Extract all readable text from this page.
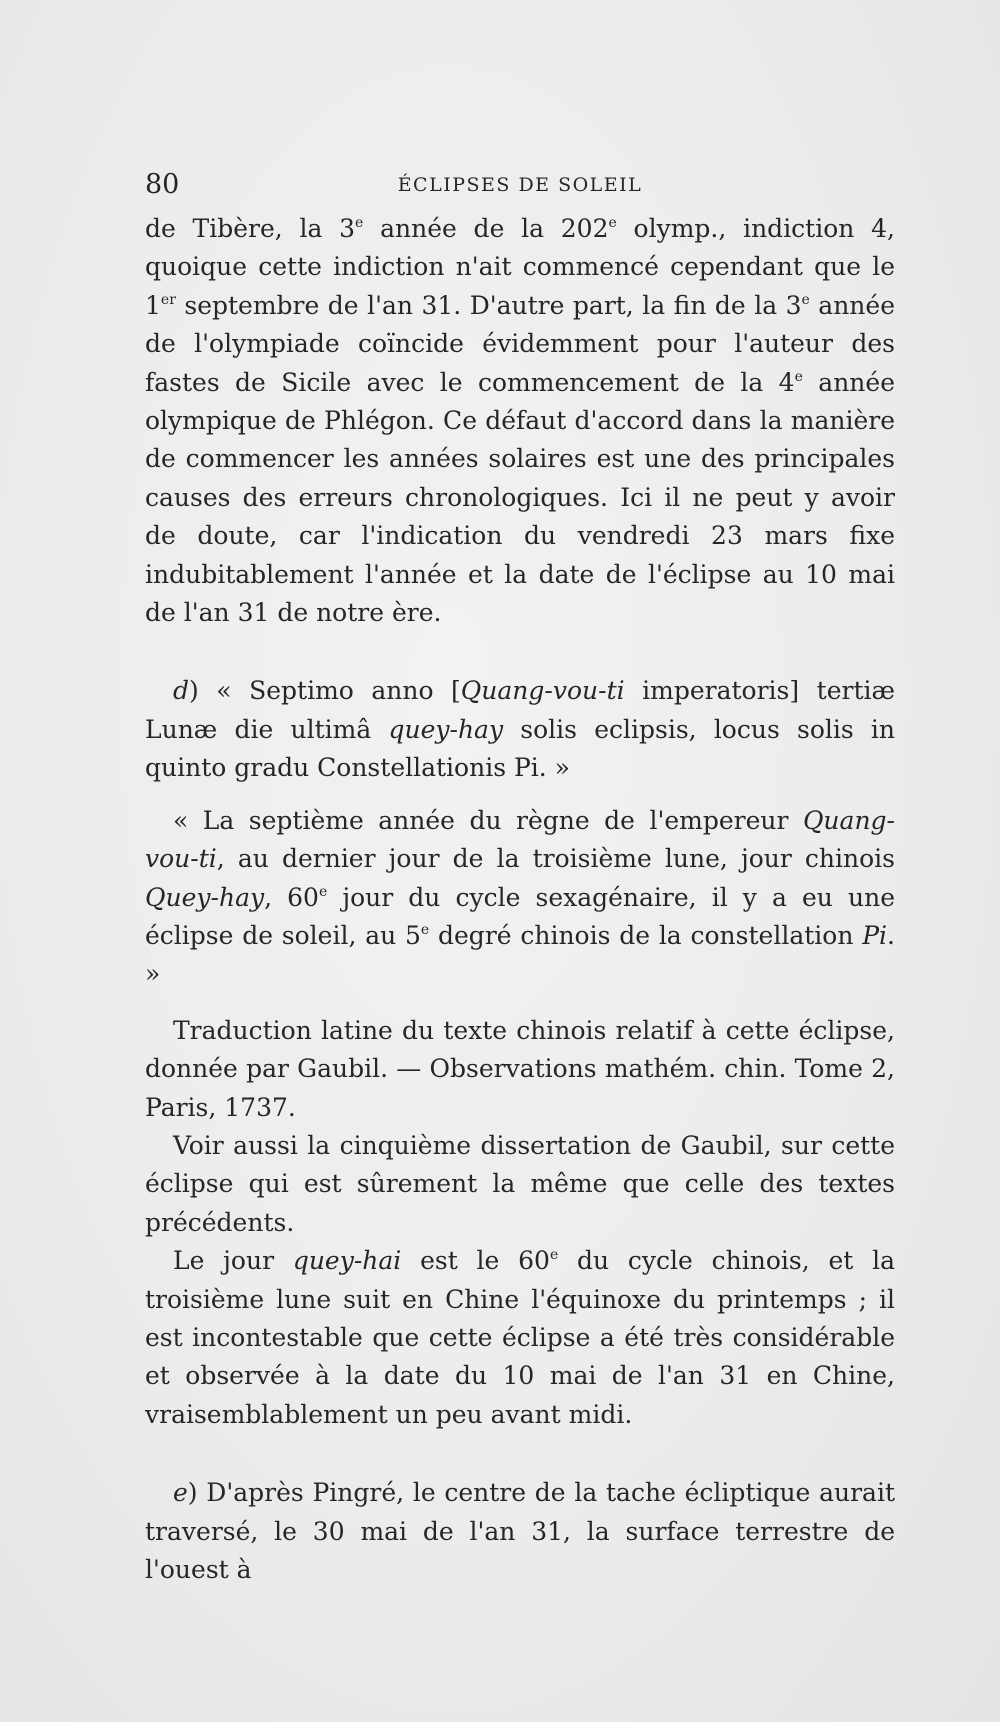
80	ÉCLIPSES DE SOLEIL

de Tibère, la 3e année de la 202e olymp., indiction 4, quoique cette indiction n'ait commencé cependant que le 1er septembre de l'an 31. D'autre part, la fin de la 3e année de l'olympiade coïncide évidemment pour l'auteur des fastes de Sicile avec le commencement de la 4e année olympique de Phlégon. Ce défaut d'accord dans la manière de commencer les années solaires est une des principales causes des erreurs chronologiques. Ici il ne peut y avoir de doute, car l'indication du vendredi 23 mars fixe indubitablement l'année et la date de l'éclipse au 10 mai de l'an 31 de notre ère.

d) « Septimo anno [Quang-vou-ti imperatoris] tertiæ Lunæ die ultimâ quey-hay solis eclipsis, locus solis in quinto gradu Constellationis Pi. »

« La septième année du règne de l'empereur Quang-vou-ti, au dernier jour de la troisième lune, jour chinois Quey-hay, 60e jour du cycle sexagénaire, il y a eu une éclipse de soleil, au 5e degré chinois de la constellation Pi. »

Traduction latine du texte chinois relatif à cette éclipse, donnée par Gaubil. — Observations mathém. chin. Tome 2, Paris, 1737.

Voir aussi la cinquième dissertation de Gaubil, sur cette éclipse qui est sûrement la même que celle des textes précédents.

Le jour quey-hai est le 60e du cycle chinois, et la troisième lune suit en Chine l'équinoxe du printemps ; il est incontestable que cette éclipse a été très considérable et observée à la date du 10 mai de l'an 31 en Chine, vraisemblablement un peu avant midi.

e) D'après Pingré, le centre de la tache écliptique aurait traversé, le 30 mai de l'an 31, la surface terrestre de l'ouest à
